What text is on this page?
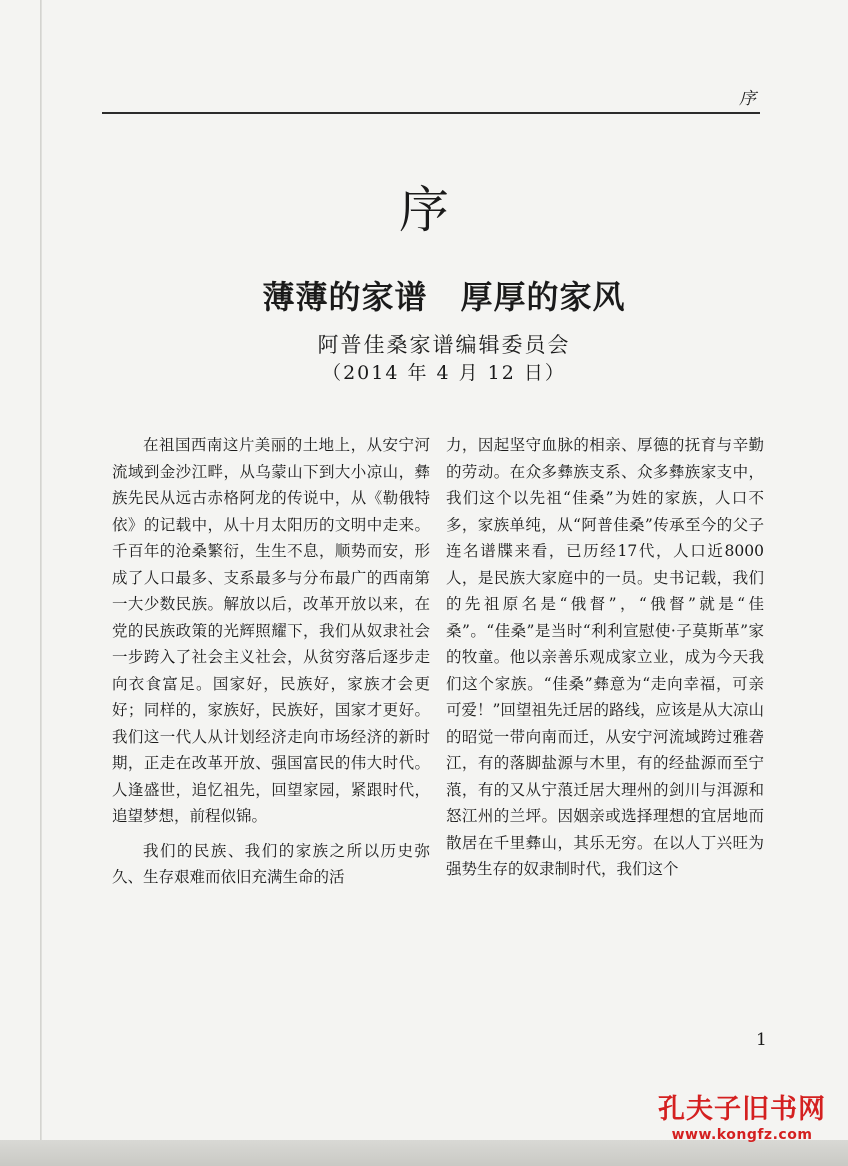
序
序
薄薄的家谱　厚厚的家风
阿普佳桑家谱编辑委员会
（2014 年 4 月 12 日）

在祖国西南这片美丽的土地上，从安宁河流域到金沙江畔，从乌蒙山下到大小凉山，彝族先民从远古赤格阿龙的传说中，从《勒俄特依》的记载中，从十月太阳历的文明中走来。千百年的沧桑繁衍，生生不息，顺势而安，形成了人口最多、支系最多与分布最广的西南第一大少数民族。解放以后，改革开放以来，在党的民族政策的光辉照耀下，我们从奴隶社会一步跨入了社会主义社会，从贫穷落后逐步走向衣食富足。国家好，民族好，家族才会更好；同样的，家族好，民族好，国家才更好。我们这一代人从计划经济走向市场经济的新时期，正走在改革开放、强国富民的伟大时代。人逢盛世，追忆祖先，回望家园，紧跟时代，追望梦想，前程似锦。

我们的民族、我们的家族之所以历史弥久、生存艰难而依旧充满生命的活

力，因起坚守血脉的相亲、厚德的抚育与辛勤的劳动。在众多彝族支系、众多彝族家支中，我们这个以先祖“佳桑”为姓的家族，人口不多，家族单纯，从“阿普佳桑”传承至今的父子连名谱牒来看，已历经17代，人口近8000人，是民族大家庭中的一员。史书记载，我们的先祖原名是“俄督”，“俄督”就是“佳桑”。“佳桑”是当时“利利宣慰使·子莫斯革”家的牧童。他以亲善乐观成家立业，成为今天我们这个家族。“佳桑”彝意为“走向幸福，可亲可爱！”回望祖先迁居的路线，应该是从大凉山的昭觉一带向南而迁，从安宁河流域跨过雅砻江，有的落脚盐源与木里，有的经盐源而至宁蒗，有的又从宁蒗迁居大理州的剑川与洱源和怒江州的兰坪。因姻亲或选择理想的宜居地而散居在千里彝山，其乐无穷。在以人丁兴旺为强势生存的奴隶制时代，我们这个

1
孔夫子旧书网
www.kongfz.com
